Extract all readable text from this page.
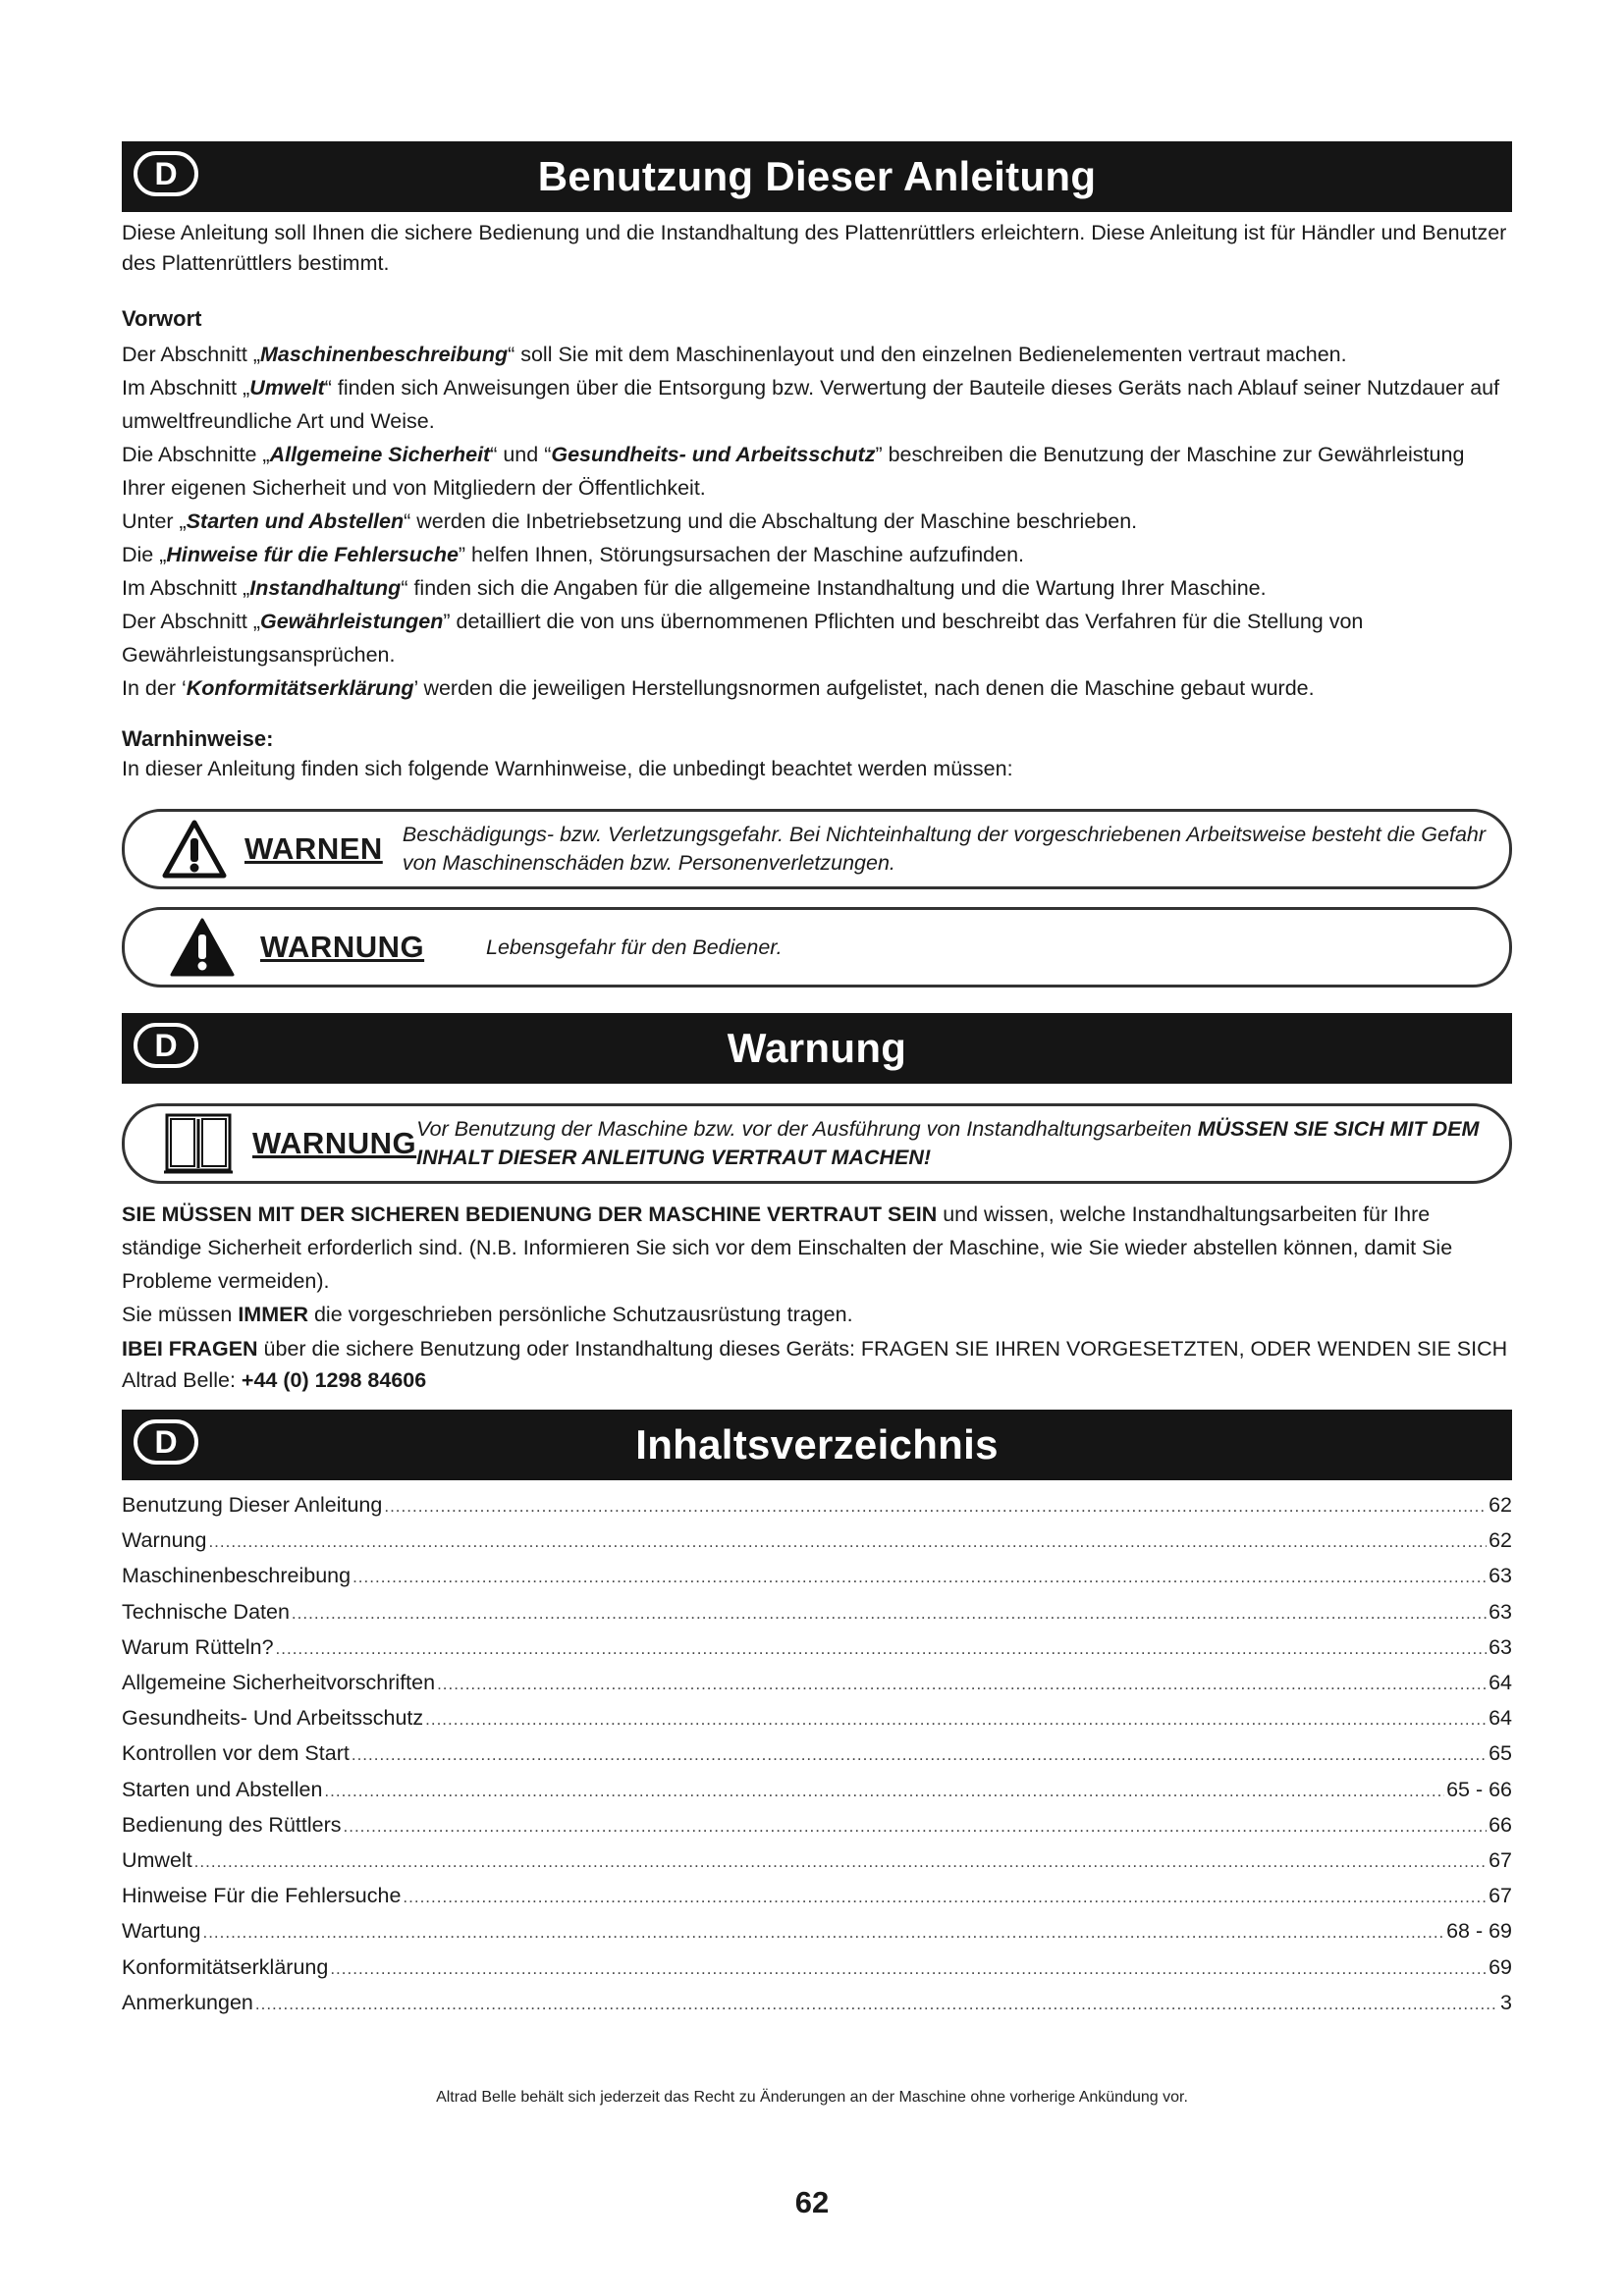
D	Benutzung Dieser Anleitung

Diese Anleitung soll Ihnen die sichere Bedienung und die Instandhaltung des Plattenrüttlers erleichtern. Diese Anleitung ist für Händler und Benutzer des Plattenrüttlers bestimmt.

Vorwort

Der Abschnitt „Maschinenbeschreibung“ soll Sie mit dem Maschinenlayout und den einzelnen Bedienelementen vertraut machen.

Im Abschnitt „Umwelt“ finden sich Anweisungen über die Entsorgung bzw. Verwertung der Bauteile dieses Geräts nach Ablauf seiner Nutzdauer auf umweltfreundliche Art und Weise.

Die Abschnitte „Allgemeine Sicherheit“ und “Gesundheits- und Arbeitsschutz” beschreiben die Benutzung der Maschine zur Gewährleistung Ihrer eigenen Sicherheit und von Mitgliedern der Öffentlichkeit.

Unter „Starten und Abstellen“ werden die Inbetriebsetzung und die Abschaltung der Maschine beschrieben.

Die „Hinweise für die Fehlersuche” helfen Ihnen, Störungsursachen der Maschine aufzufinden.

Im Abschnitt „Instandhaltung“ finden sich die Angaben für die allgemeine Instandhaltung und die Wartung Ihrer Maschine.

Der Abschnitt „Gewährleistungen” detailliert die von uns übernommenen Pflichten und beschreibt das Verfahren für die Stellung von Gewährleistungsansprüchen.

In der ‘Konformitätserklärung’ werden die jeweiligen Herstellungsnormen aufgelistet, nach denen die Maschine gebaut wurde.

Warnhinweise:

In dieser Anleitung finden sich folgende Warnhinweise, die unbedingt beachtet werden müssen:

WARNEN Beschädigungs- bzw. Verletzungsgefahr. Bei Nichteinhaltung der vorgeschriebenen Arbeitsweise besteht die Gefahr von Maschinenschäden bzw. Personenverletzungen.
WARNUNG	Lebensgefahr für den Bediener.
D	Warnung
WARNUNG Vor Benutzung der Maschine bzw. vor der Ausführung von Instandhaltungsarbeiten MÜSSEN SIE SICH MIT DEM INHALT DIESER ANLEITUNG VERTRAUT MACHEN!

SIE MÜSSEN MIT DER SICHEREN BEDIENUNG DER MASCHINE VERTRAUT SEIN und wissen, welche Instandhaltungsarbeiten für Ihre ständige Sicherheit erforderlich sind. (N.B. Informieren Sie sich vor dem Einschalten der Maschine, wie Sie wieder abstellen können, damit Sie Probleme vermeiden).

Sie müssen IMMER die vorgeschrieben persönliche Schutzausrüstung tragen.

IBEI FRAGEN über die sichere Benutzung oder Instandhaltung dieses Geräts: FRAGEN SIE IHREN VORGESETZTEN, ODER WENDEN SIE SICH Altrad Belle: +44 (0) 1298 84606

D	Inhaltsverzeichnis
Benutzung Dieser Anleitung .....	62
Warnung .....	62
Maschinenbeschreibung .....	63
Technische Daten .....	63
Warum Rütteln? .....	63
Allgemeine Sicherheitvorschriften .....	64
Gesundheits- Und Arbeitsschutz .....	64
Kontrollen vor dem Start .....	65
Starten und Abstellen .....	65 - 66
Bedienung des Rüttlers .....	66
Umwelt .....	67
Hinweise Für die Fehlersuche .....	67
Wartung .....	68 - 69
Konformitätserklärung .....	69
Anmerkungen .....	3
Altrad Belle behält sich jederzeit das Recht zu Änderungen an der Maschine ohne vorherige Ankündung vor.
62
